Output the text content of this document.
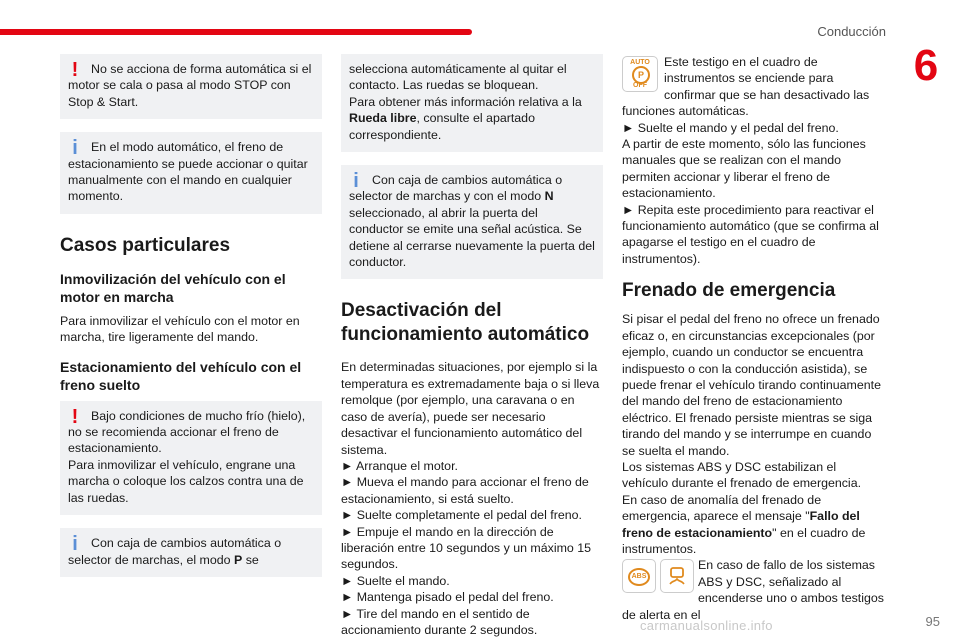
Conducción
6
95
carmanualsonline.info
!	No se acciona de forma automática si el motor se cala o pasa al modo STOP con Stop & Start.

i	En el modo automático, el freno de estacionamiento se puede accionar o quitar manualmente con el mando en cualquier momento.

Casos particulares
Inmovilización del vehículo con el motor en marcha

Para inmovilizar el vehículo con el motor en marcha, tire ligeramente del mando.

Estacionamiento del vehículo con el freno suelto
!	Bajo condiciones de mucho frío (hielo), no se recomienda accionar el freno de estacionamiento.

Para inmovilizar el vehículo, engrane una marcha o coloque los calzos contra una de las ruedas.

i	Con caja de cambios automática o selector de marchas, el modo P se

selecciona automáticamente al quitar el contacto. Las ruedas se bloquean.

Para obtener más información relativa a la Rueda libre, consulte el apartado correspondiente.

i	Con caja de cambios automática o selector de marchas y con el modo N seleccionado, al abrir la puerta del conductor se emite una señal acústica. Se detiene al cerrarse nuevamente la puerta del conductor.

Desactivación del funcionamiento automático

En determinadas situaciones, por ejemplo si la temperatura es extremadamente baja o si lleva remolque (por ejemplo, una caravana o en caso de avería), puede ser necesario desactivar el funcionamiento automático del sistema.

► Arranque el motor.

► Mueva el mando para accionar el freno de estacionamiento, si está suelto.

► Suelte completamente el pedal del freno.

► Empuje el mando en la dirección de liberación entre 10 segundos y un máximo 15 segundos.

► Suelte el mando.

► Mantenga pisado el pedal del freno.

► Tire del mando en el sentido de accionamiento durante 2 segundos.

AUTO
P
OFF
Este testigo en el cuadro de instrumentos se enciende para confirmar que se han desactivado las funciones automáticas.

► Suelte el mando y el pedal del freno.

A partir de este momento, sólo las funciones manuales que se realizan con el mando permiten accionar y liberar el freno de estacionamiento.

► Repita este procedimiento para reactivar el funcionamiento automático (que se confirma al apagarse el testigo en el cuadro de instrumentos).

Frenado de emergencia

Si pisar el pedal del freno no ofrece un frenado eficaz o, en circunstancias excepcionales (por ejemplo, cuando un conductor se encuentra indispuesto o con la conducción asistida), se puede frenar el vehículo tirando continuamente del mando del freno de estacionamiento eléctrico. El frenado persiste mientras se siga tirando del mando y se interrumpe en cuando se suelta el mando.

Los sistemas ABS y DSC estabilizan el vehículo durante el frenado de emergencia.

En caso de anomalía del frenado de emergencia, aparece el mensaje "Fallo del freno de estacionamiento" en el cuadro de instrumentos.

ABS
En caso de fallo de los sistemas ABS y DSC, señalizado al encenderse uno o ambos testigos de alerta en el
